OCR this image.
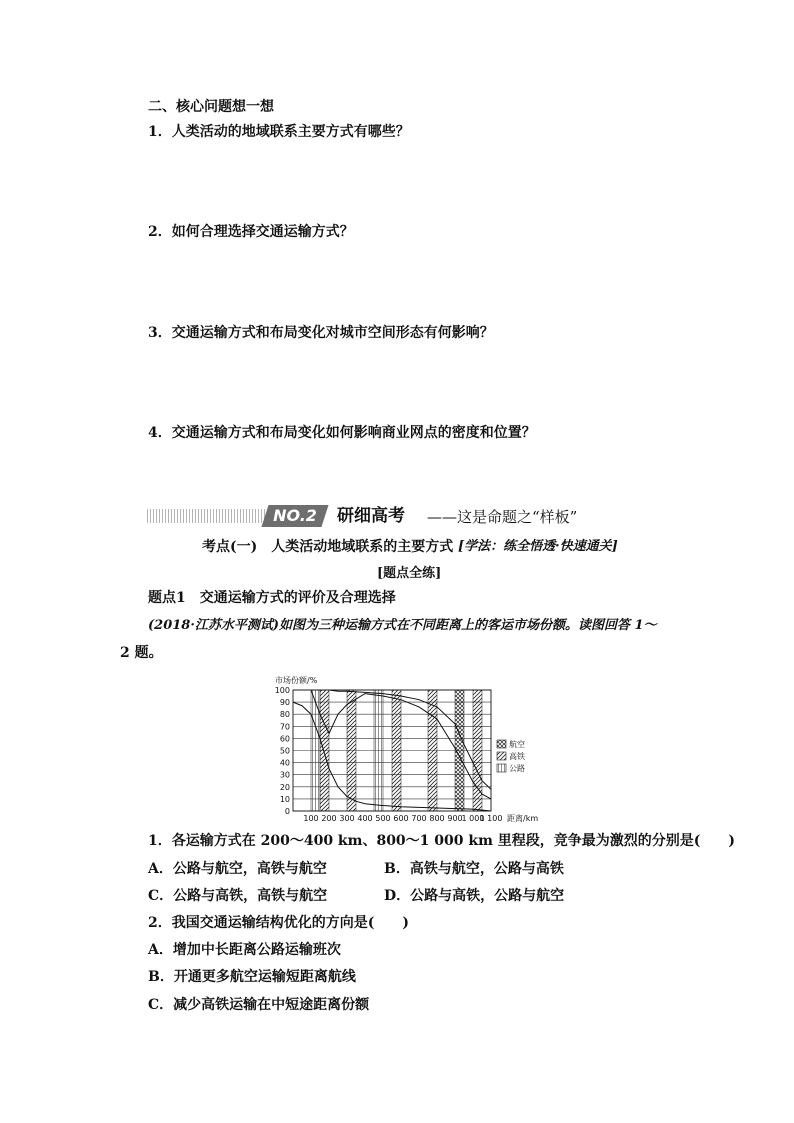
二、核心问题想一想
1．人类活动的地域联系主要方式有哪些？
2．如何合理选择交通运输方式？
3．交通运输方式和布局变化对城市空间形态有何影响？
4．交通运输方式和布局变化如何影响商业网点的密度和位置？
NO.2	研细高考 ——这是命题之“样板”
考点(一)　人类活动地域联系的主要方式 [学法：练全悟透·快速通关]
[题点全练]
题点1　交通运输方式的评价及合理选择
(2018·江苏水平测试)如图为三种运输方式在不同距离上的客运市场份额。读图回答 1～
2 题。
0
10
20
30
40
50
60
70
80
90
100
100 200 300 400 500 600 700 800 900
1 000
1 100
市场份额/%
距离/km
航空
高铁
公路
1．各运输方式在 200～400 km、800～1 000 km 里程段，竞争最为激烈的分别是(　　)
A．公路与航空，高铁与航空	B．高铁与航空，公路与高铁
C．公路与高铁，高铁与航空	D．公路与高铁，公路与航空
2．我国交通运输结构优化的方向是(　　)
A．增加中长距离公路运输班次
B．开通更多航空运输短距离航线
C．减少高铁运输在中短途距离份额
